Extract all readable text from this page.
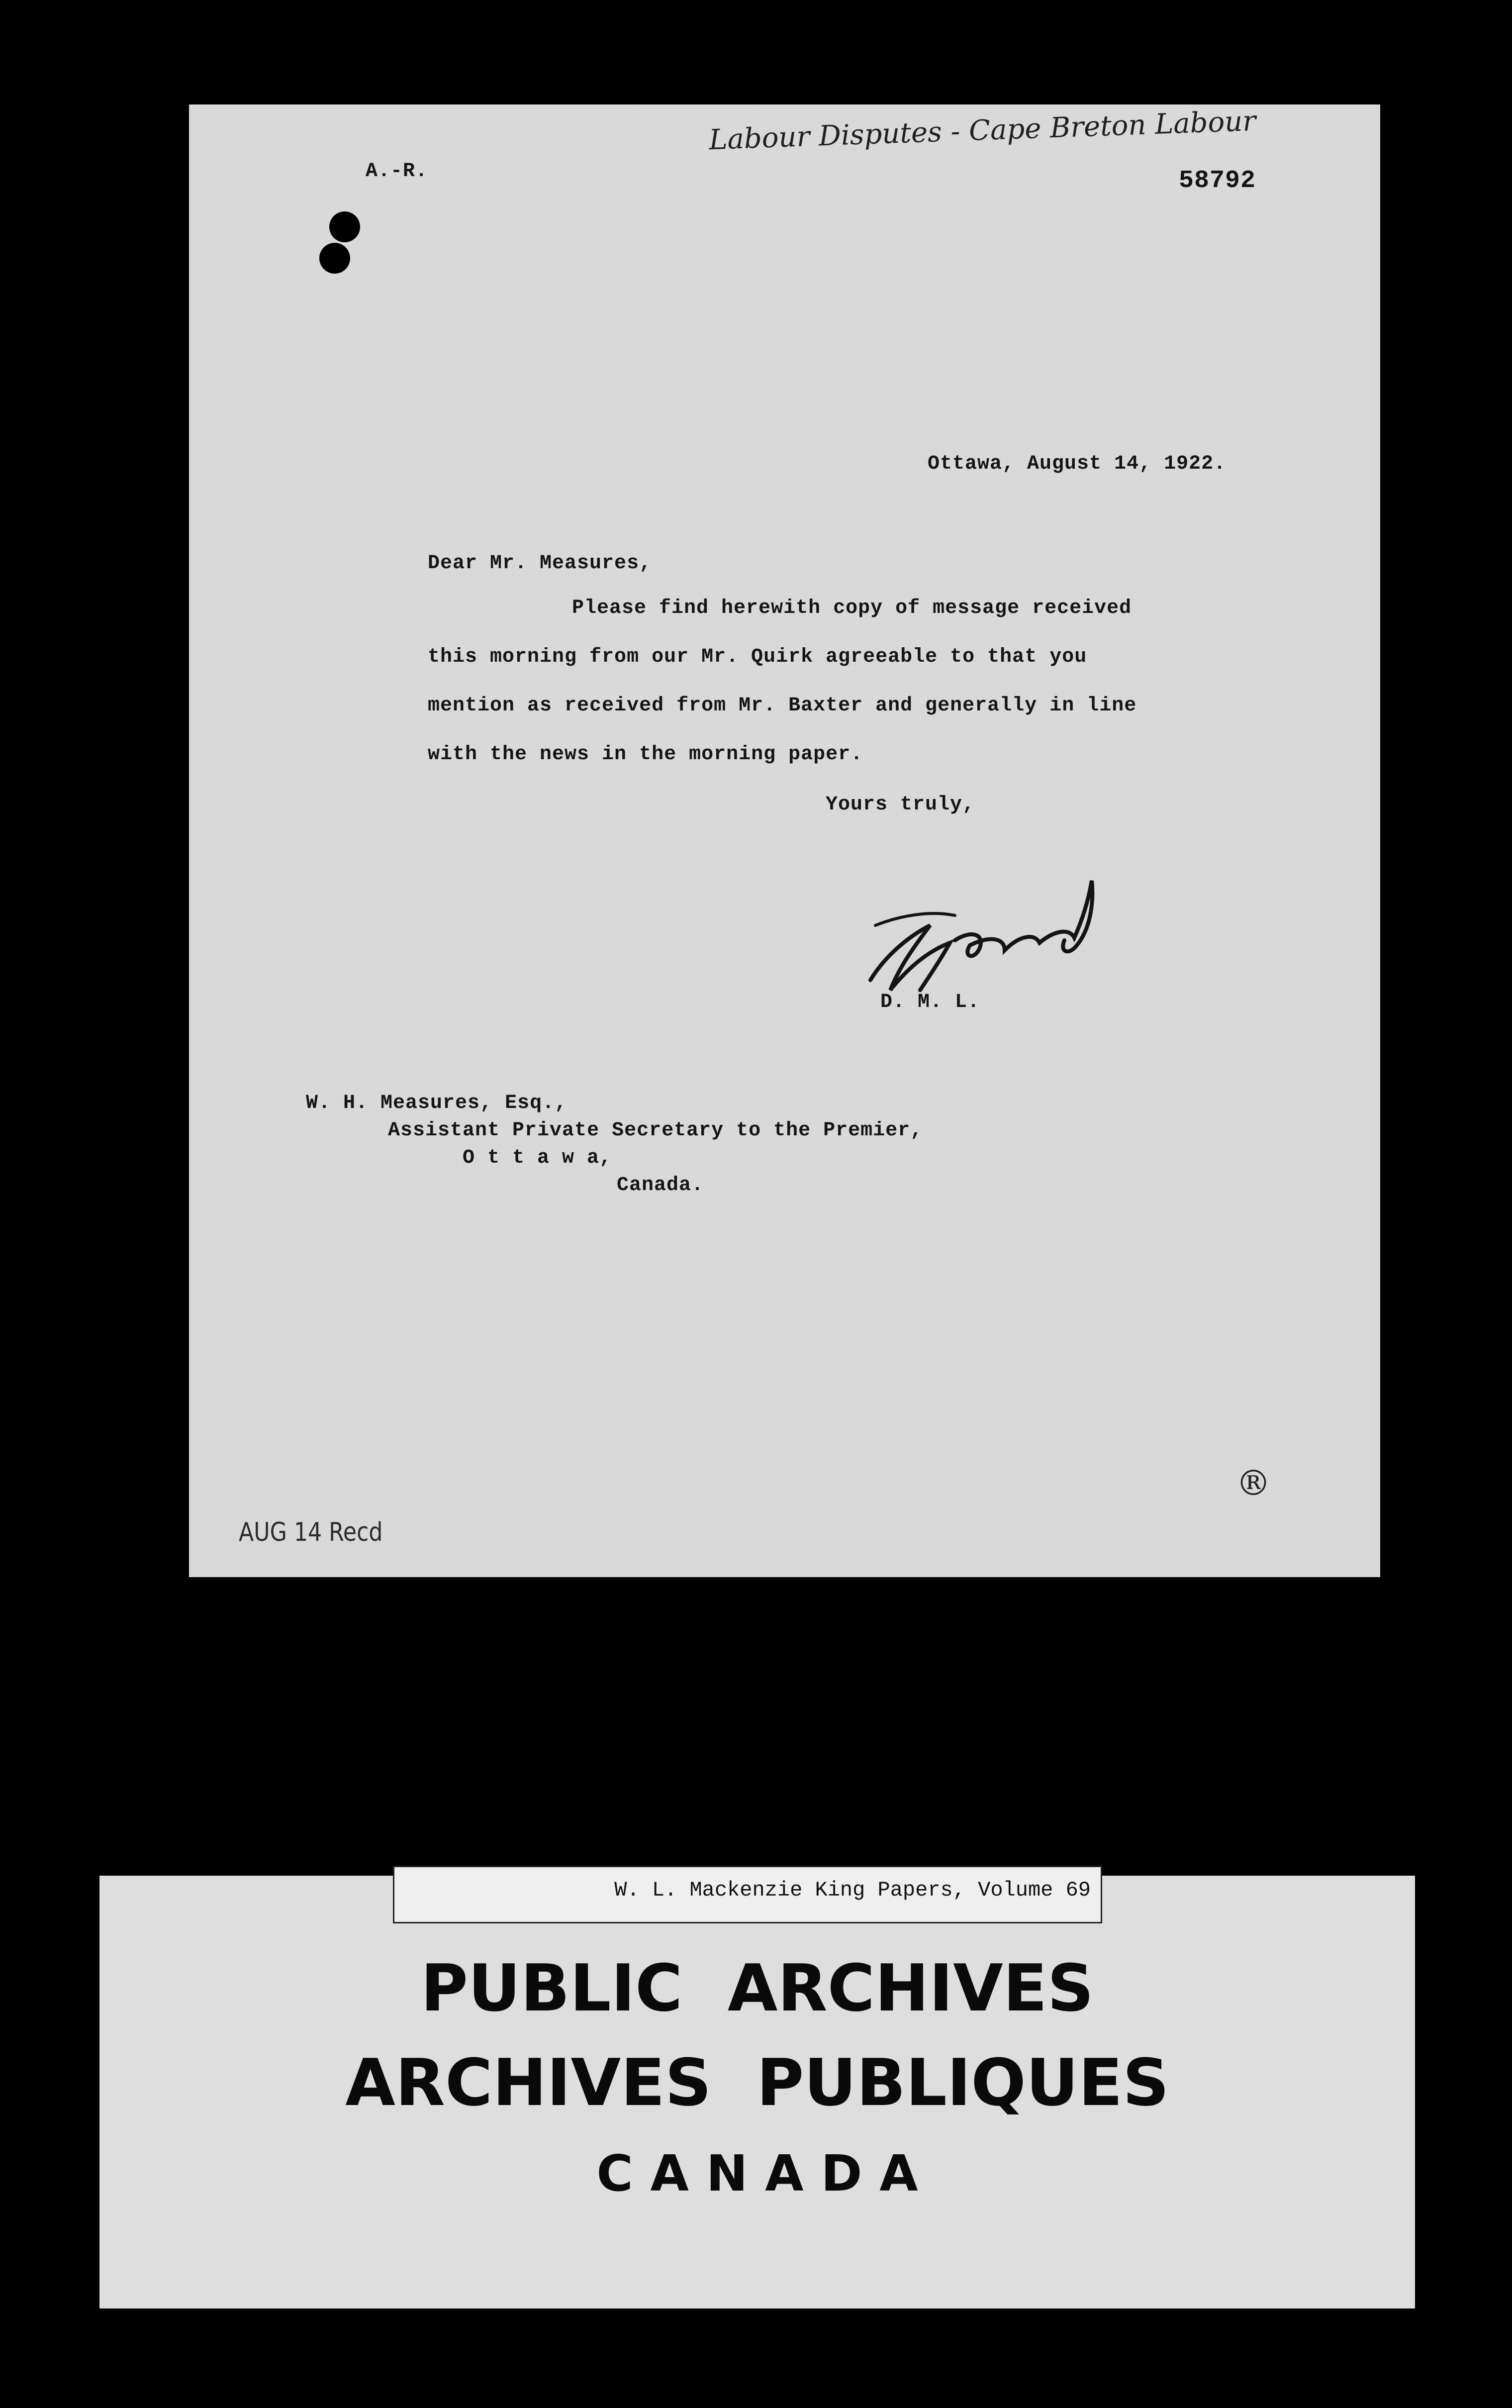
Labour Disputes - Cape Breton Labour
A.-R.	58792
Ottawa, August 14, 1922.
Dear Mr. Measures,
Please find herewith copy of message received
this morning from our Mr. Quirk agreeable to that you
mention as received from Mr. Baxter and generally in line
with the news in the morning paper.
Yours truly,
D. M. L.
W. H. Measures, Esq.,
Assistant Private Secretary to the Premier,
O t t a w a,
Canada.
AUG 14 Recd
®
W. L. Mackenzie King Papers, Volume 69
PUBLIC  ARCHIVES
ARCHIVES  PUBLIQUES
C A N A D A
